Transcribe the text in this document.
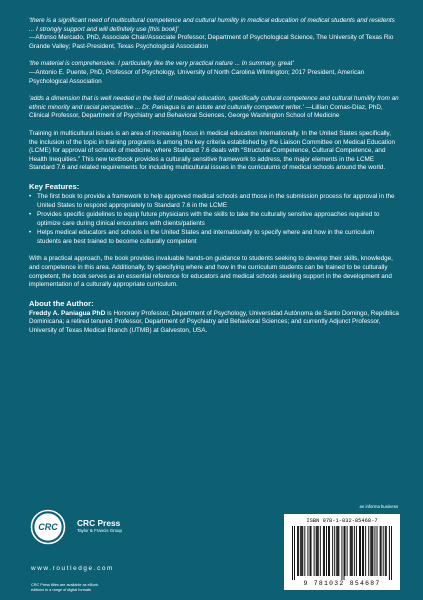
'there is a significant need of multicultural competence and cultural humility in medical education of medical students and residents ... I strongly support and will definitely use [this book]'
—Alfonso Mercado, PhD, Associate Chair/Associate Professor, Department of Psychological Science, The University of Texas Rio Grande Valley; Past-President, Texas Psychological Association

'the material is comprehensive. I particularly like the very practical nature ... In summary, great'
—Antonio E. Puente, PhD, Professor of Psychology, University of North Carolina Wilmington; 2017 President, American Psychological Association

'adds a dimension that is well needed in the field of medical education, specifically cultural competence and cultural humility from an ethnic minority and racial perspective ... Dr. Paniagua is an astute and culturally competent writer.' —Lillian Comas-Díaz, PhD, Clinical Professor, Department of Psychiatry and Behavioral Sciences, George Washington School of Medicine

Training in multicultural issues is an area of increasing focus in medical education internationally. In the United States specifically, the inclusion of the topic in training programs is among the key criteria established by the Liaison Committee on Medical Education (LCME) for approval of schools of medicine, where Standard 7.6 deals with “Structural Competence, Cultural Competence, and Health Inequities.” This new textbook provides a culturally sensitive framework to address, the major elements in the LCME Standard 7.6 and related requirements for including multicultural issues in the curriculums of medical schools around the world.

Key Features:
• The first book to provide a framework to help approved medical schools and those in the submission process for approval in the United States to respond appropriately to Standard 7.6 in the LCME
• Provides specific guidelines to equip future physicians with the skills to take the culturally sensitive approaches required to optimize care during clinical encounters with clients/patients
• Helps medical educators and schools in the United States and internationally to specify where and how in the curriculum students are best trained to become culturally competent

With a practical approach, the book provides invaluable hands-on guidance to students seeking to develop their skills, knowledge, and competence in this area. Additionally, by specifying where and how in the curriculum students can be trained to be culturally competent, the book serves as an essential reference for educators and medical schools seeking support in the development and implementation of a culturally appropriate curriculum.

About the Author:

Freddy A. Paniagua PhD is Honorary Professor, Department of Psychology, Universidad Autónoma de Santo Domingo, República Dominicana; a retired tenured Professor, Department of Psychiatry and Behavioral Sciences; and currently Adjunct Professor, University of Texas Medical Branch (UTMB) at Galveston, USA.

CRC CRC Press
Taylor & Francis Group
www.routledge.com
CRC Press titles are available as eBook editions in a range of digital formats
an informa business
ISBN 978-1-032-85468-7
9 781032 854687
